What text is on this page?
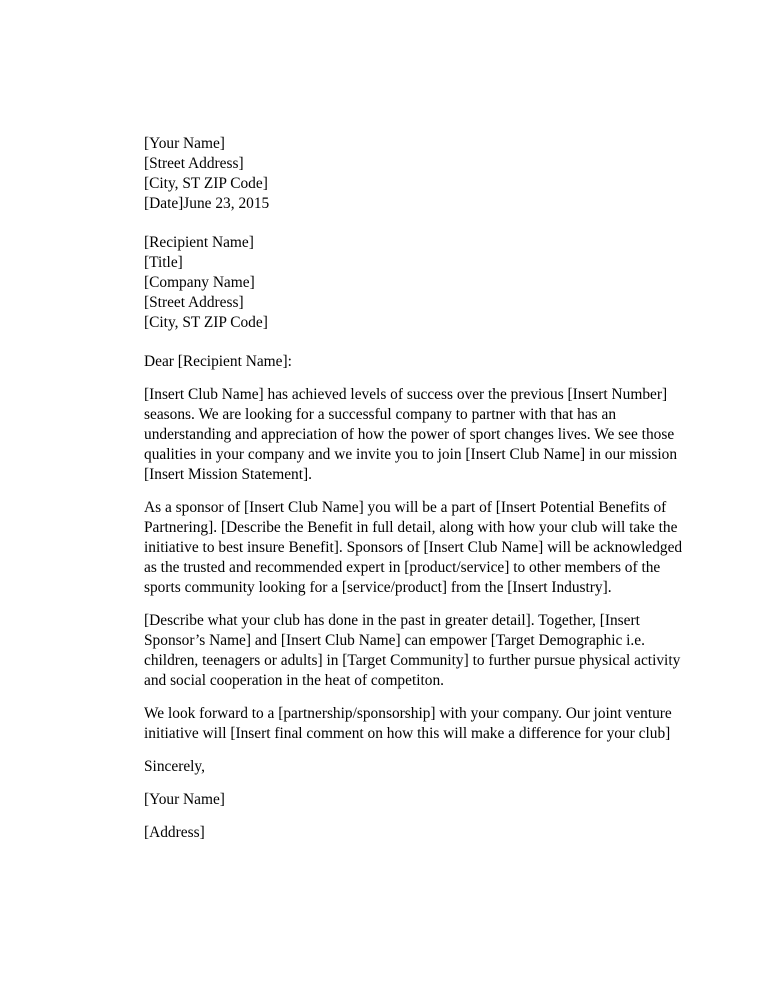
[Your Name]
[Street Address]
[City, ST ZIP Code]
[Date]June 23, 2015
[Recipient Name]
[Title]
[Company Name]
[Street Address]
[City, ST ZIP Code]
Dear [Recipient Name]:

[Insert Club Name] has achieved levels of success over the previous [Insert Number]

seasons. We are looking for a successful company to partner with that has an

understanding and appreciation of how the power of sport changes lives. We see those

qualities in your company and we invite you to join [Insert Club Name] in our mission

[Insert Mission Statement].

As a sponsor of [Insert Club Name] you will be a part of [Insert Potential Benefits of

Partnering]. [Describe the Benefit in full detail, along with how your club will take the

initiative to best insure Benefit]. Sponsors of [Insert Club Name] will be acknowledged

as the trusted and recommended expert in [product/service] to other members of the

sports community looking for a [service/product] from the [Insert Industry].

[Describe what your club has done in the past in greater detail]. Together, [Insert

Sponsor’s Name] and [Insert Club Name] can empower [Target Demographic i.e.

children, teenagers or adults] in [Target Community] to further pursue physical activity

and social cooperation in the heat of competiton.

We look forward to a [partnership/sponsorship] with your company. Our joint venture

initiative will [Insert final comment on how this will make a difference for your club]

Sincerely,
[Your Name]
[Address]
